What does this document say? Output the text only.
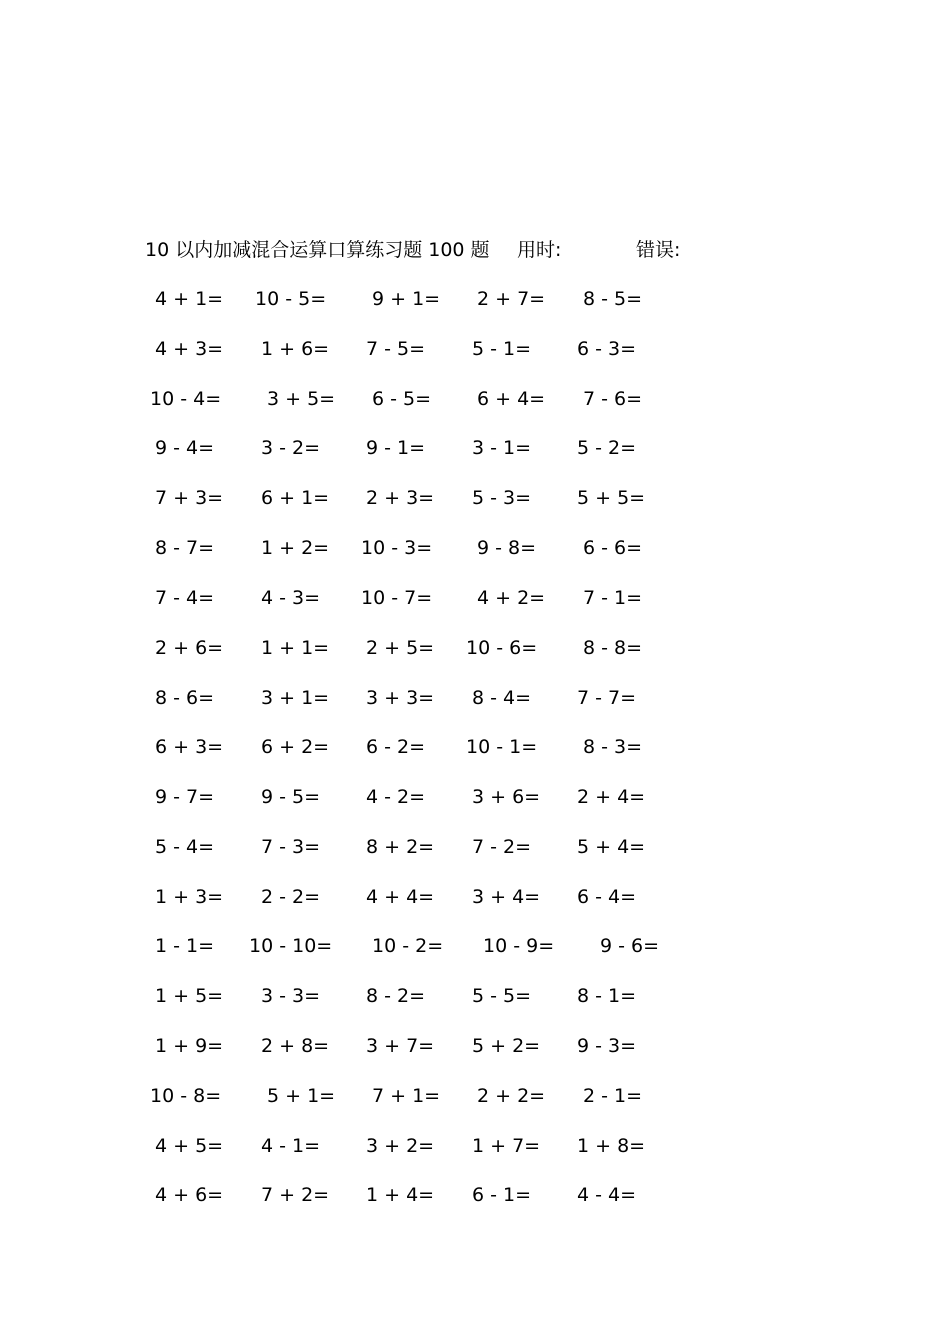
10 以内加减混合运算口算练习题 100 题 用时:	错误:
4 + 1= 10 - 5= 9 + 1= 2 + 7= 8 - 5=
4 + 3= 1 + 6= 7 - 5= 5 - 1= 6 - 3=
10 - 4= 3 + 5= 6 - 5= 6 + 4= 7 - 6=
9 - 4= 3 - 2= 9 - 1= 3 - 1= 5 - 2=
7 + 3= 6 + 1= 2 + 3= 5 - 3= 5 + 5=
8 - 7= 1 + 2= 10 - 3= 9 - 8= 6 - 6=
7 - 4= 4 - 3= 10 - 7= 4 + 2= 7 - 1=
2 + 6= 1 + 1= 2 + 5= 10 - 6= 8 - 8=
8 - 6= 3 + 1= 3 + 3= 8 - 4= 7 - 7=
6 + 3= 6 + 2= 6 - 2= 10 - 1= 8 - 3=
9 - 7= 9 - 5= 4 - 2= 3 + 6= 2 + 4=
5 - 4= 7 - 3= 8 + 2= 7 - 2= 5 + 4=
1 + 3= 2 - 2= 4 + 4= 3 + 4= 6 - 4=
1 - 1= 10 - 10= 10 - 2= 10 - 9= 9 - 6=
1 + 5= 3 - 3= 8 - 2= 5 - 5= 8 - 1=
1 + 9= 2 + 8= 3 + 7= 5 + 2= 9 - 3=
10 - 8= 5 + 1= 7 + 1= 2 + 2= 2 - 1=
4 + 5= 4 - 1= 3 + 2= 1 + 7= 1 + 8=
4 + 6= 7 + 2= 1 + 4= 6 - 1= 4 - 4=
